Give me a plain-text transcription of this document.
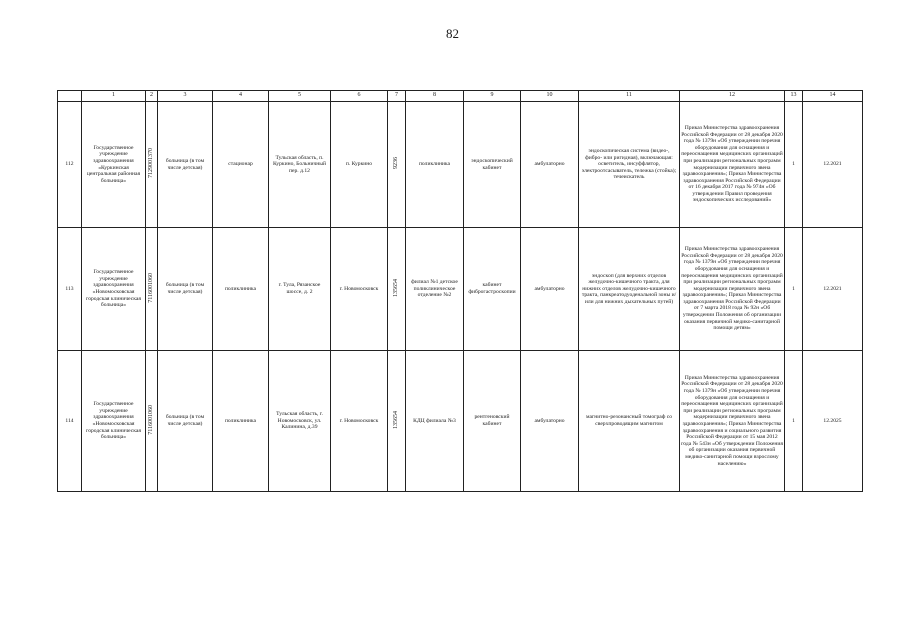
82
	1	2	3	4	5	6	7	8	9	10	11	12	13	14
112	Государственное учреждение здравоохранения «Куркинская центральная районная больница»	7129001370	больница (в том числе детская)	стационар	Тульская область, п. Куркино, Больничный пер. д.12	п. Куркино	9236	поликлиника	эндоскопический кабинет	амбулаторно	эндоскопическая система (видео-, фибро- или ригидная), включающая: осветитель, инсуффлятор, электроотсасыватель, тележка (стойка); течеискатель	Приказ Министерства здравоохранения Российской Федерации от 28 декабря 2020 года № 1379н «Об утверждении перечня оборудования для оснащения и переоснащения медицинских организаций при реализации региональных программ модернизации первичного звена здравоохранения»; Приказ Министерства здравоохранения Российской Федерации от 16 декабря 2017 года № 974н «Об утверждении Правил проведения эндоскопических исследований»	1	12.2021
113	Государственное учреждение здравоохранения «Новомосковская городская клиническая больница»	7116001060	больница (в том числе детская)	поликлиника	г. Тула, Рязанское шоссе, д. 2	г. Новомосковск	135654	филиал №1 детское поликлиническое отделение №2	кабинет фиброгастроскопии	амбулаторно	эндоскоп (для верхних отделов желудочно-кишечного тракта, для нижних отделов желудочно-кишечного тракта, панкреатодуоденальной зоны и/или для нижних дыхательных путей)	Приказ Министерства здравоохранения Российской Федерации от 28 декабря 2020 года № 1379н «Об утверждении перечня оборудования для оснащения и переоснащения медицинских организаций при реализации региональных программ модернизации первичного звена здравоохранения»; Приказ Министерства здравоохранения Российской Федерации от 7 марта 2018 года № 92н «Об утверждении Положения об организации оказания первичной медико-санитарной помощи детям»	1	12.2021
114	Государственное учреждение здравоохранения «Новомосковская городская клиническая больница»	7116001060	больница (в том числе детская)	поликлиника	Тульская область, г. Новомосковск, ул. Калинина, д.39	г. Новомосковск	135654	КДЦ филиала №3	рентгеновский кабинет	амбулаторно	магнитно-резонансный томограф со сверхпроводящим магнитом	Приказ Министерства здравоохранения Российской Федерации от 28 декабря 2020 года № 1379н «Об утверждении перечня оборудования для оснащения и переоснащения медицинских организаций при реализации региональных программ модернизации первичного звена здравоохранения»; Приказ Министерства здравоохранения и социального развития Российской Федерации от 15 мая 2012 года № 543н «Об утверждении Положения об организации оказания первичной медико-санитарной помощи взрослому населению»	1	12.2025
